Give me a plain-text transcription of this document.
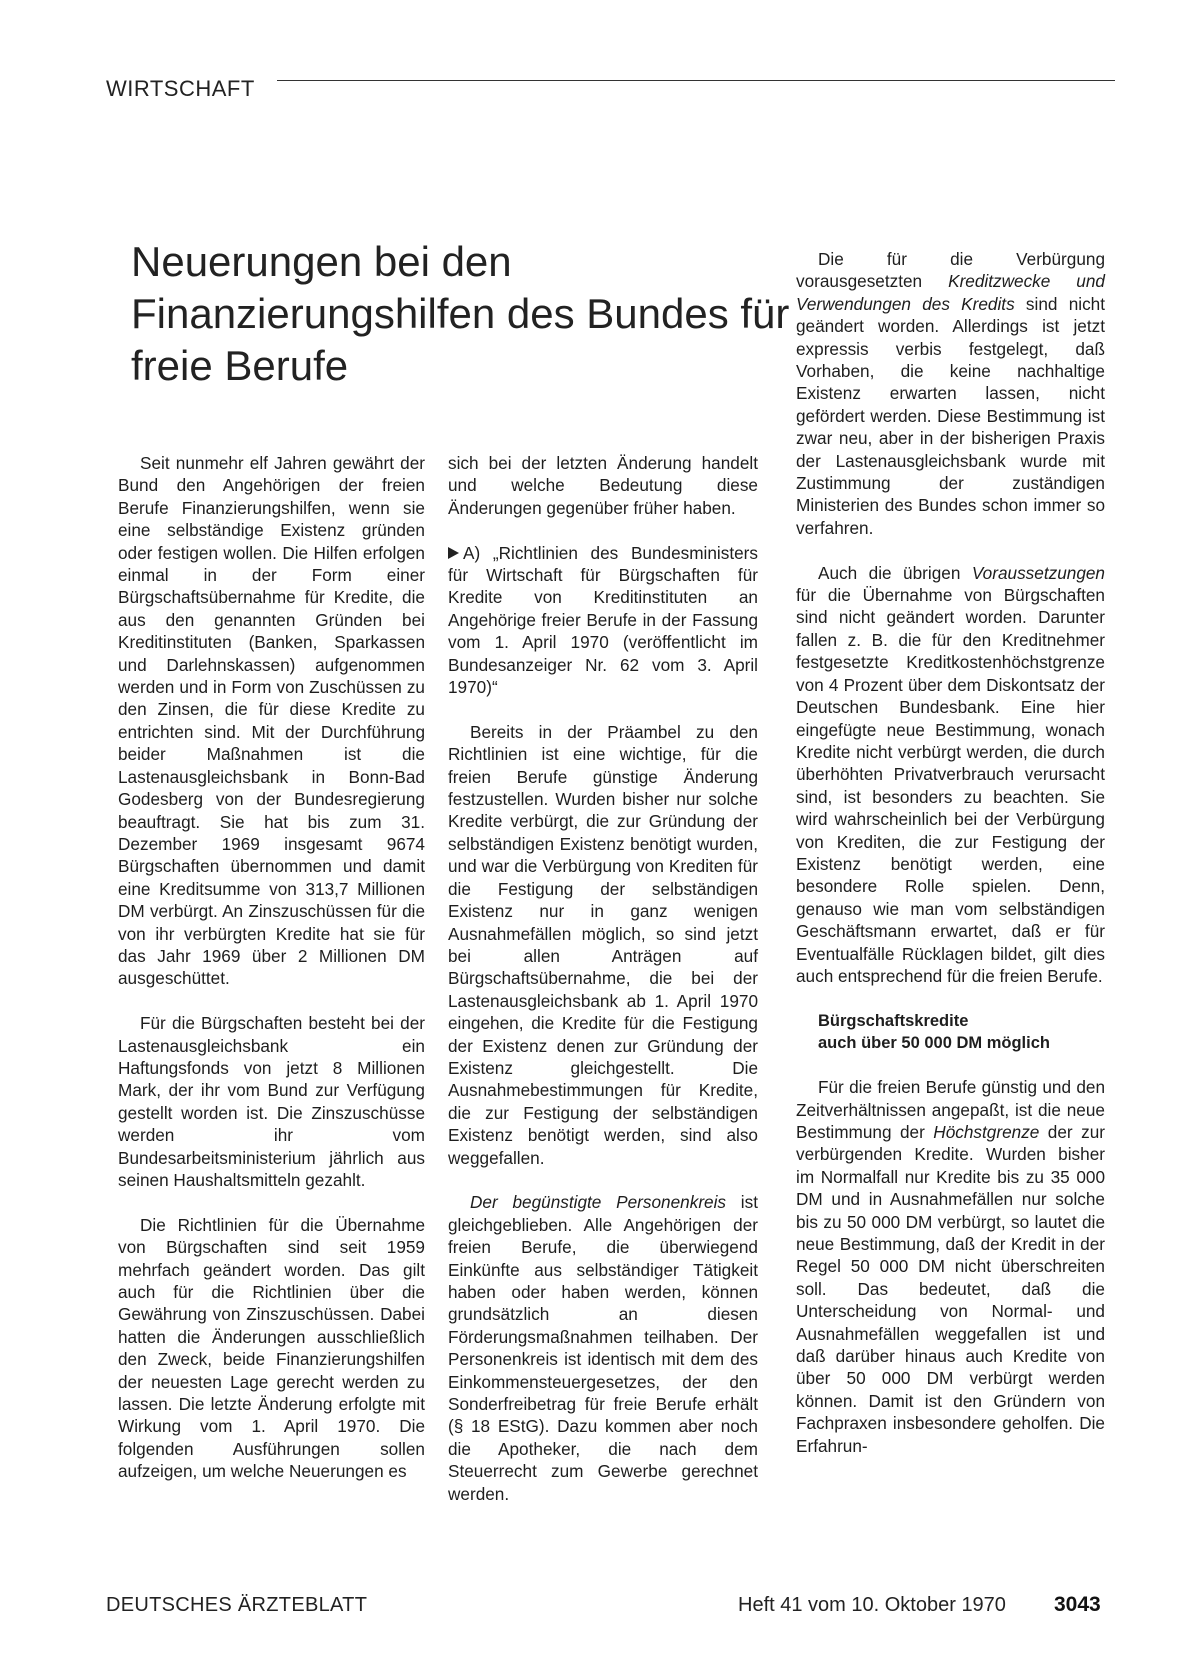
WIRTSCHAFT
Neuerungen bei den Finanzierungshilfen des Bundes für freie Berufe

Seit nunmehr elf Jahren gewährt der Bund den Angehörigen der freien Berufe Finanzierungshilfen, wenn sie eine selbständige Existenz gründen oder festigen wollen. Die Hilfen erfolgen einmal in der Form einer Bürgschaftsübernahme für Kredite, die aus den genannten Gründen bei Kreditinstituten (Banken, Sparkassen und Darlehnskassen) aufgenommen werden und in Form von Zuschüssen zu den Zinsen, die für diese Kredite zu entrichten sind. Mit der Durchführung beider Maßnahmen ist die Lastenausgleichsbank in Bonn-Bad Godesberg von der Bundesregierung beauftragt. Sie hat bis zum 31. Dezember 1969 insgesamt 9674 Bürgschaften übernommen und damit eine Kreditsumme von 313,7 Millionen DM verbürgt. An Zinszuschüssen für die von ihr verbürgten Kredite hat sie für das Jahr 1969 über 2 Millionen DM ausgeschüttet.

Für die Bürgschaften besteht bei der Lastenausgleichsbank ein Haftungsfonds von jetzt 8 Millionen Mark, der ihr vom Bund zur Verfügung gestellt worden ist. Die Zinszuschüsse werden ihr vom Bundesarbeitsministerium jährlich aus seinen Haushaltsmitteln gezahlt.

Die Richtlinien für die Übernahme von Bürgschaften sind seit 1959 mehrfach geändert worden. Das gilt auch für die Richtlinien über die Gewährung von Zinszuschüssen. Dabei hatten die Änderungen ausschließlich den Zweck, beide Finanzierungshilfen der neuesten Lage gerecht werden zu lassen. Die letzte Änderung erfolgte mit Wirkung vom 1. April 1970. Die folgenden Ausführungen sollen aufzeigen, um welche Neuerungen es

sich bei der letzten Änderung handelt und welche Bedeutung diese Änderungen gegenüber früher haben.

A) „Richtlinien des Bundesministers für Wirtschaft für Bürgschaften für Kredite von Kreditinstituten an Angehörige freier Berufe in der Fassung vom 1. April 1970 (veröffentlicht im Bundesanzeiger Nr. 62 vom 3. April 1970)“

Bereits in der Präambel zu den Richtlinien ist eine wichtige, für die freien Berufe günstige Änderung festzustellen. Wurden bisher nur solche Kredite verbürgt, die zur Gründung der selbständigen Existenz benötigt wurden, und war die Verbürgung von Krediten für die Festigung der selbständigen Existenz nur in ganz wenigen Ausnahmefällen möglich, so sind jetzt bei allen Anträgen auf Bürgschaftsübernahme, die bei der Lastenausgleichsbank ab 1. April 1970 eingehen, die Kredite für die Festigung der Existenz denen zur Gründung der Existenz gleichgestellt. Die Ausnahmebestimmungen für Kredite, die zur Festigung der selbständigen Existenz benötigt werden, sind also weggefallen.

Der begünstigte Personenkreis ist gleichgeblieben. Alle Angehörigen der freien Berufe, die überwiegend Einkünfte aus selbständiger Tätigkeit haben oder haben werden, können grundsätzlich an diesen Förderungsmaßnahmen teilhaben. Der Personenkreis ist identisch mit dem des Einkommensteuergesetzes, der den Sonderfreibetrag für freie Berufe erhält (§ 18 EStG). Dazu kommen aber noch die Apotheker, die nach dem Steuerrecht zum Gewerbe gerechnet werden.

Die für die Verbürgung vorausgesetzten Kreditzwecke und Verwendungen des Kredits sind nicht geändert worden. Allerdings ist jetzt expressis verbis festgelegt, daß Vorhaben, die keine nachhaltige Existenz erwarten lassen, nicht gefördert werden. Diese Bestimmung ist zwar neu, aber in der bisherigen Praxis der Lastenausgleichsbank wurde mit Zustimmung der zuständigen Ministerien des Bundes schon immer so verfahren.

Auch die übrigen Voraussetzungen für die Übernahme von Bürgschaften sind nicht geändert worden. Darunter fallen z. B. die für den Kreditnehmer festgesetzte Kreditkostenhöchstgrenze von 4 Prozent über dem Diskontsatz der Deutschen Bundesbank. Eine hier eingefügte neue Bestimmung, wonach Kredite nicht verbürgt werden, die durch überhöhten Privatverbrauch verursacht sind, ist besonders zu beachten. Sie wird wahrscheinlich bei der Verbürgung von Krediten, die zur Festigung der Existenz benötigt werden, eine besondere Rolle spielen. Denn, genauso wie man vom selbständigen Geschäftsmann erwartet, daß er für Eventualfälle Rücklagen bildet, gilt dies auch entsprechend für die freien Berufe.

Bürgschaftskredite
auch über 50 000 DM möglich

Für die freien Berufe günstig und den Zeitverhältnissen angepaßt, ist die neue Bestimmung der Höchstgrenze der zur verbürgenden Kredite. Wurden bisher im Normalfall nur Kredite bis zu 35 000 DM und in Ausnahmefällen nur solche bis zu 50 000 DM verbürgt, so lautet die neue Bestimmung, daß der Kredit in der Regel 50 000 DM nicht überschreiten soll. Das bedeutet, daß die Unterscheidung von Normal- und Ausnahmefällen weggefallen ist und daß darüber hinaus auch Kredite von über 50 000 DM verbürgt werden können. Damit ist den Gründern von Fachpraxen insbesondere geholfen. Die Erfahrun-

DEUTSCHES ÄRZTEBLATT	Heft 41 vom 10. Oktober 1970 3043
